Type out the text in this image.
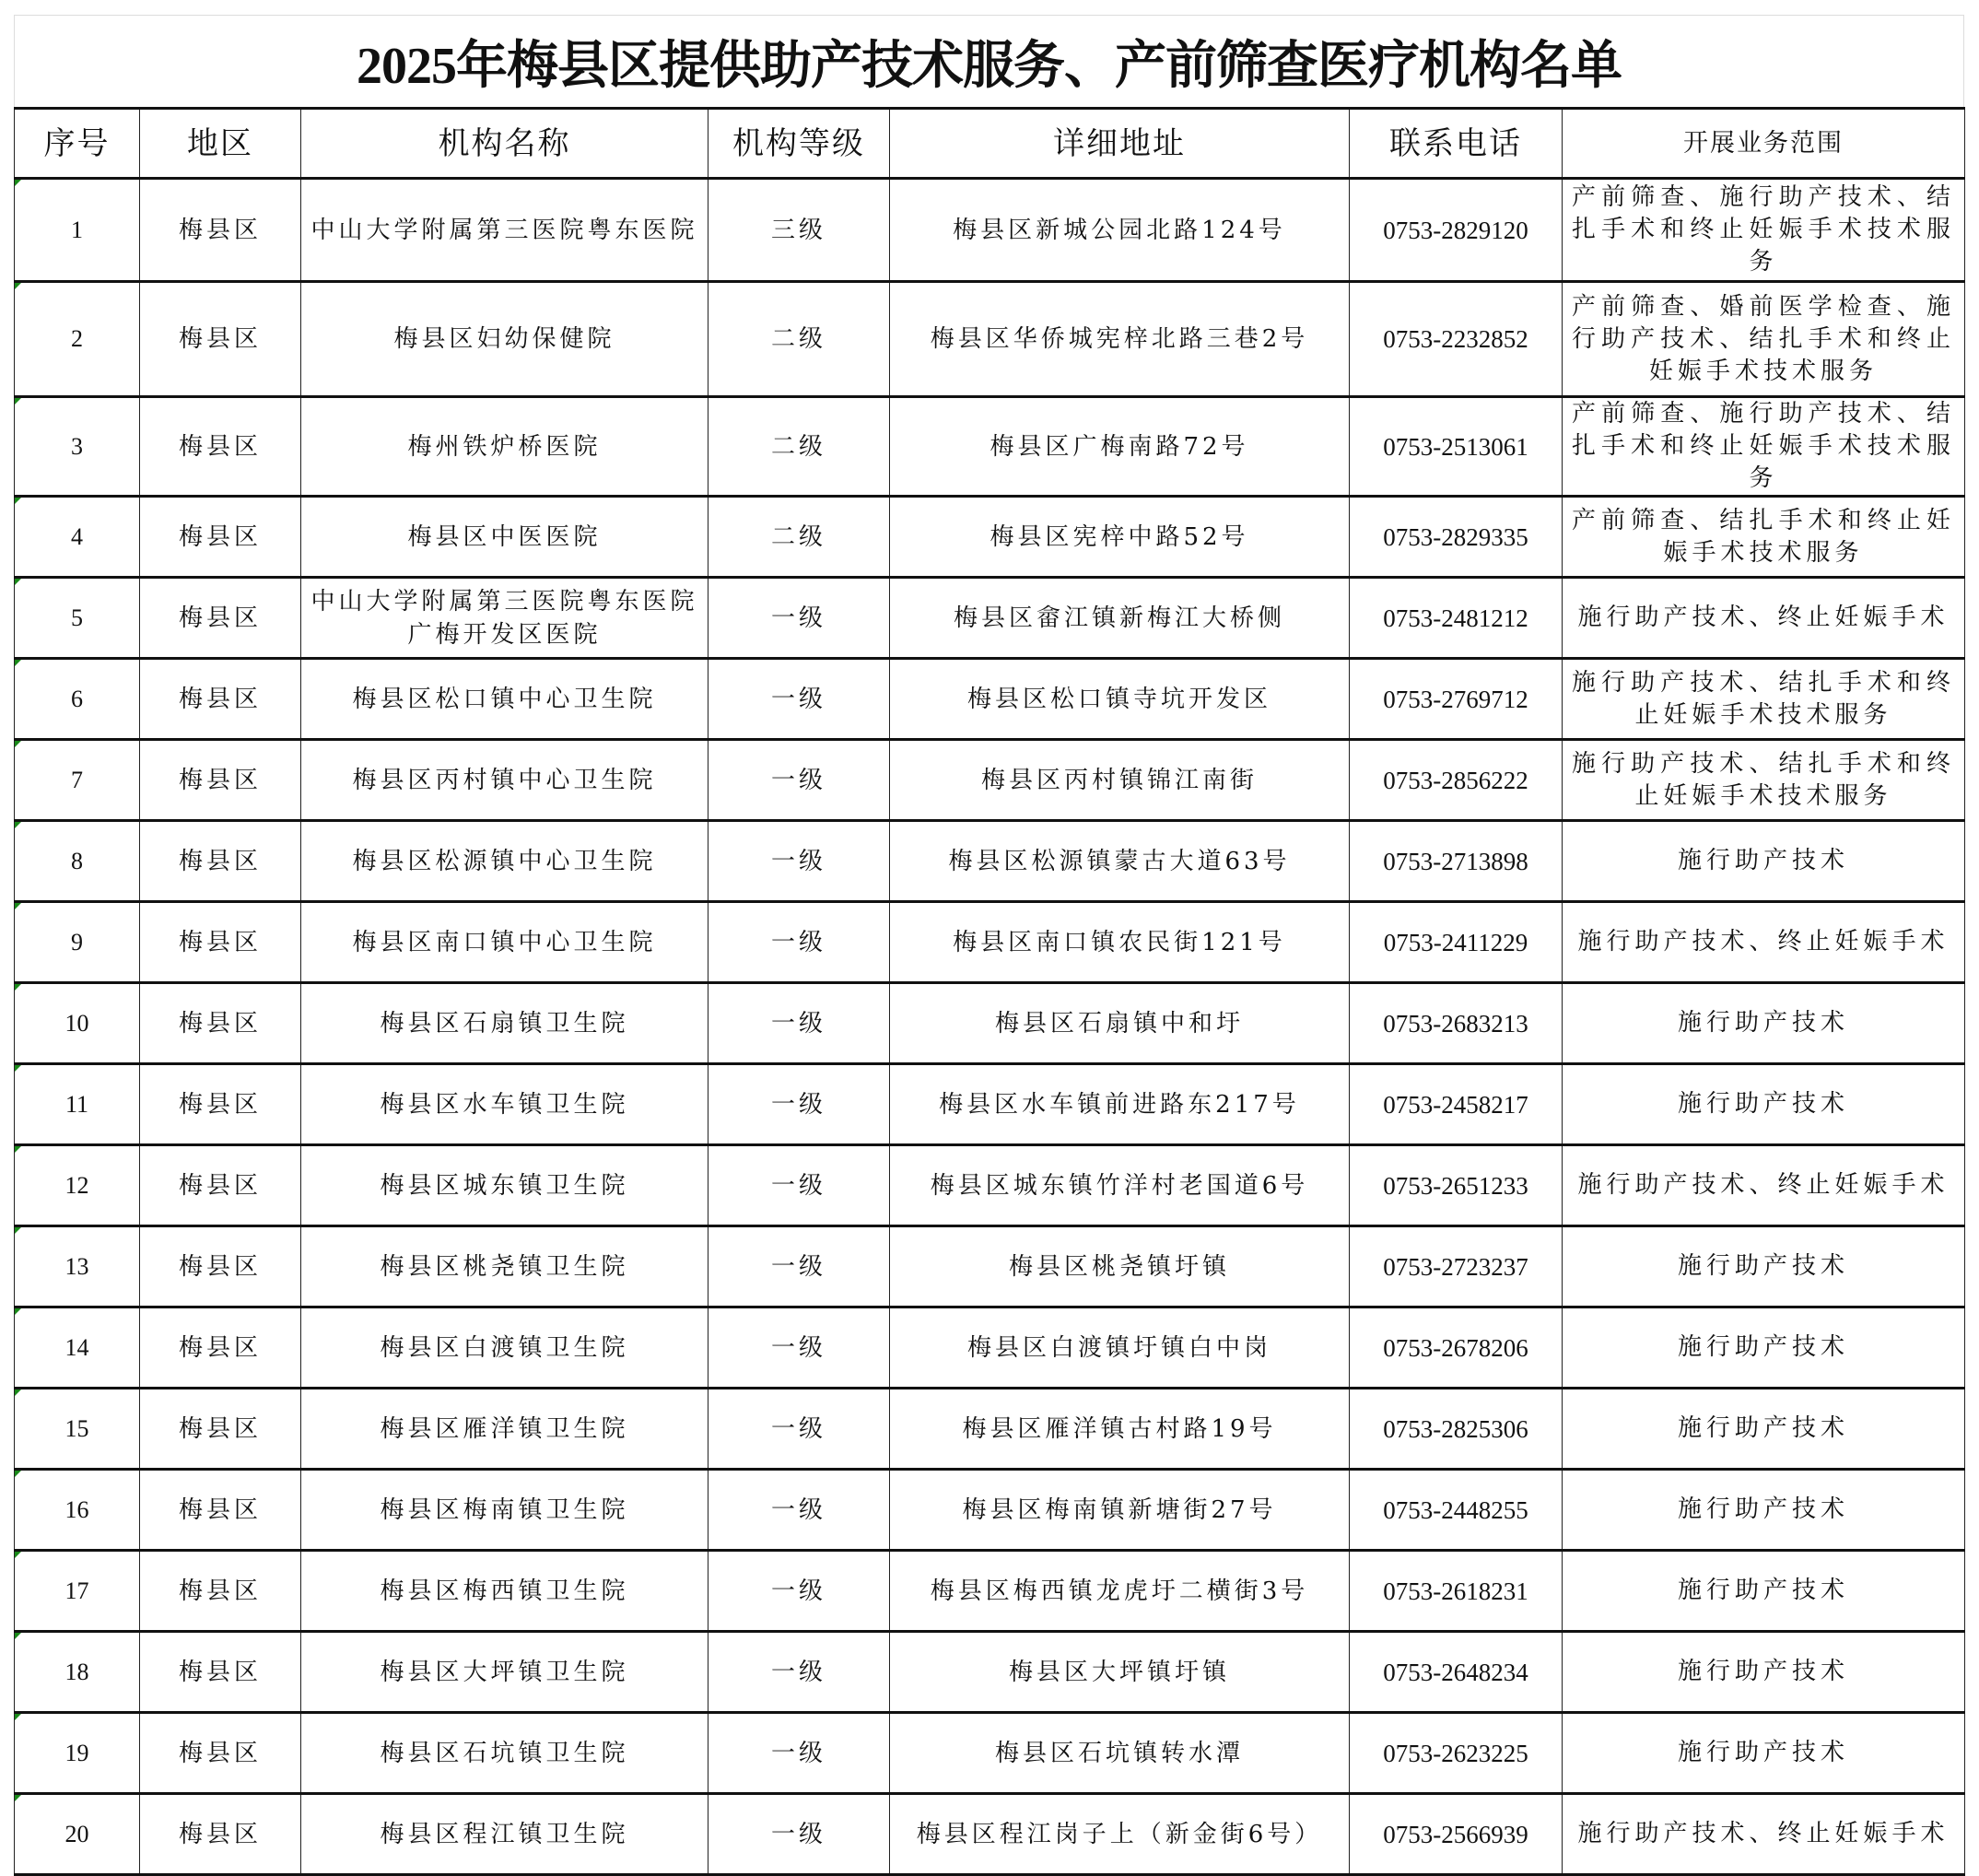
2025年梅县区提供助产技术服务、产前筛查医疗机构名单
序号	地区	机构名称	机构等级	详细地址	联系电话	开展业务范围
1	梅县区	中山大学附属第三医院粤东医院	三级	梅县区新城公园北路124号	0753-2829120	产前筛查、施行助产技术、结扎手术和终止妊娠手术技术服务
2	梅县区	梅县区妇幼保健院	二级	梅县区华侨城宪梓北路三巷2号	0753-2232852	产前筛查、婚前医学检查、施行助产技术、结扎手术和终止妊娠手术技术服务
3	梅县区	梅州铁炉桥医院	二级	梅县区广梅南路72号	0753-2513061	产前筛查、施行助产技术、结扎手术和终止妊娠手术技术服务
4	梅县区	梅县区中医医院	二级	梅县区宪梓中路52号	0753-2829335	产前筛查、结扎手术和终止妊娠手术技术服务
5	梅县区	中山大学附属第三医院粤东医院广梅开发区医院	一级	梅县区畲江镇新梅江大桥侧	0753-2481212	施行助产技术、终止妊娠手术
6	梅县区	梅县区松口镇中心卫生院	一级	梅县区松口镇寺坑开发区	0753-2769712	施行助产技术、结扎手术和终止妊娠手术技术服务
7	梅县区	梅县区丙村镇中心卫生院	一级	梅县区丙村镇锦江南街	0753-2856222	施行助产技术、结扎手术和终止妊娠手术技术服务
8	梅县区	梅县区松源镇中心卫生院	一级	梅县区松源镇蒙古大道63号	0753-2713898	施行助产技术
9	梅县区	梅县区南口镇中心卫生院	一级	梅县区南口镇农民街121号	0753-2411229	施行助产技术、终止妊娠手术
10	梅县区	梅县区石扇镇卫生院	一级	梅县区石扇镇中和圩	0753-2683213	施行助产技术
11	梅县区	梅县区水车镇卫生院	一级	梅县区水车镇前进路东217号	0753-2458217	施行助产技术
12	梅县区	梅县区城东镇卫生院	一级	梅县区城东镇竹洋村老国道6号	0753-2651233	施行助产技术、终止妊娠手术
13	梅县区	梅县区桃尧镇卫生院	一级	梅县区桃尧镇圩镇	0753-2723237	施行助产技术
14	梅县区	梅县区白渡镇卫生院	一级	梅县区白渡镇圩镇白中岗	0753-2678206	施行助产技术
15	梅县区	梅县区雁洋镇卫生院	一级	梅县区雁洋镇古村路19号	0753-2825306	施行助产技术
16	梅县区	梅县区梅南镇卫生院	一级	梅县区梅南镇新塘街27号	0753-2448255	施行助产技术
17	梅县区	梅县区梅西镇卫生院	一级	梅县区梅西镇龙虎圩二横街3号	0753-2618231	施行助产技术
18	梅县区	梅县区大坪镇卫生院	一级	梅县区大坪镇圩镇	0753-2648234	施行助产技术
19	梅县区	梅县区石坑镇卫生院	一级	梅县区石坑镇转水潭	0753-2623225	施行助产技术
20	梅县区	梅县区程江镇卫生院	一级	梅县区程江岗子上（新金街6号）	0753-2566939	施行助产技术、终止妊娠手术
